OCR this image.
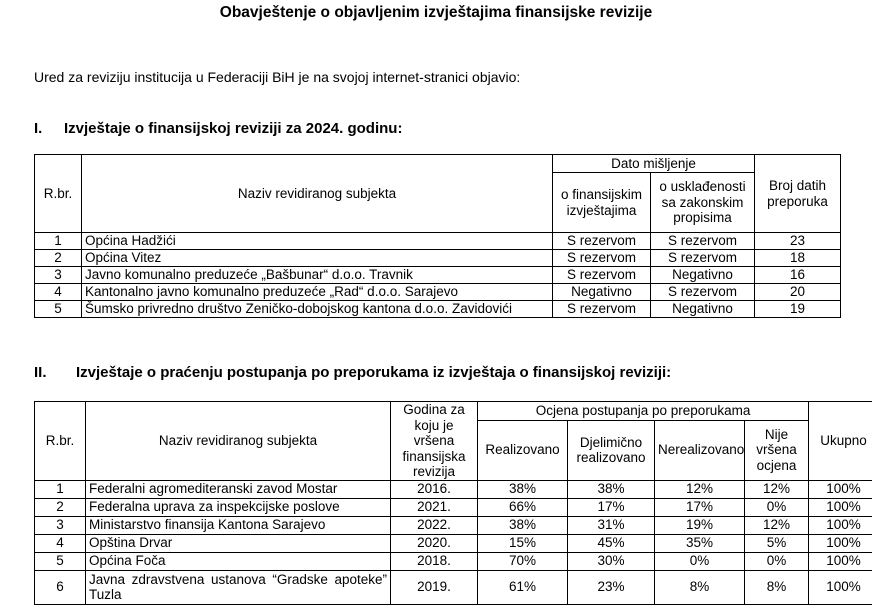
Obavještenje o objavljenim izvještajima finansijske revizije
Ured za reviziju institucija u Federaciji BiH je na svojoj internet-stranici objavio:
I. Izvještaje o finansijskoj reviziji za 2024. godinu:
R.br.	Naziv revidiranog subjekta	Dato mišljenje		Broj datih preporuka
		o finansijskim izvještajima	o usklađenosti sa zakonskim propisima	
1	Općina Hadžići	S rezervom	S rezervom	23
2	Općina Vitez	S rezervom	S rezervom	18
3	Javno komunalno preduzeće „Bašbunar“ d.o.o. Travnik	S rezervom	Negativno	16
4	Kantonalno javno komunalno preduzeće „Rad“ d.o.o. Sarajevo	Negativno	S rezervom	20
5	Šumsko privredno društvo Zeničko-dobojskog kantona d.o.o. Zavidovići	S rezervom	Negativno	19
II. Izvještaje o praćenju postupanja po preporukama iz izvještaja o finansijskoj reviziji:
R.br.	Naziv revidiranog subjekta	Godina za koju je vršena finansijska revizija	Ocjena postupanja po preporukama				Ukupno
			Realizovano	Djelimično realizovano	Nerealizovano	Nije vršena ocjena	
1	Federalni agromediteranski zavod Mostar	2016.	38%	38%	12%	12%	100%
2	Federalna uprava za inspekcijske poslove	2021.	66%	17%	17%	0%	100%
3	Ministarstvo finansija Kantona Sarajevo	2022.	38%	31%	19%	12%	100%
4	Opština Drvar	2020.	15%	45%	35%	5%	100%
5	Općina Foča	2018.	70%	30%	0%	0%	100%
6	Javna zdravstvena ustanova “Gradske apoteke” Tuzla	2019.	61%	23%	8%	8%	100%
